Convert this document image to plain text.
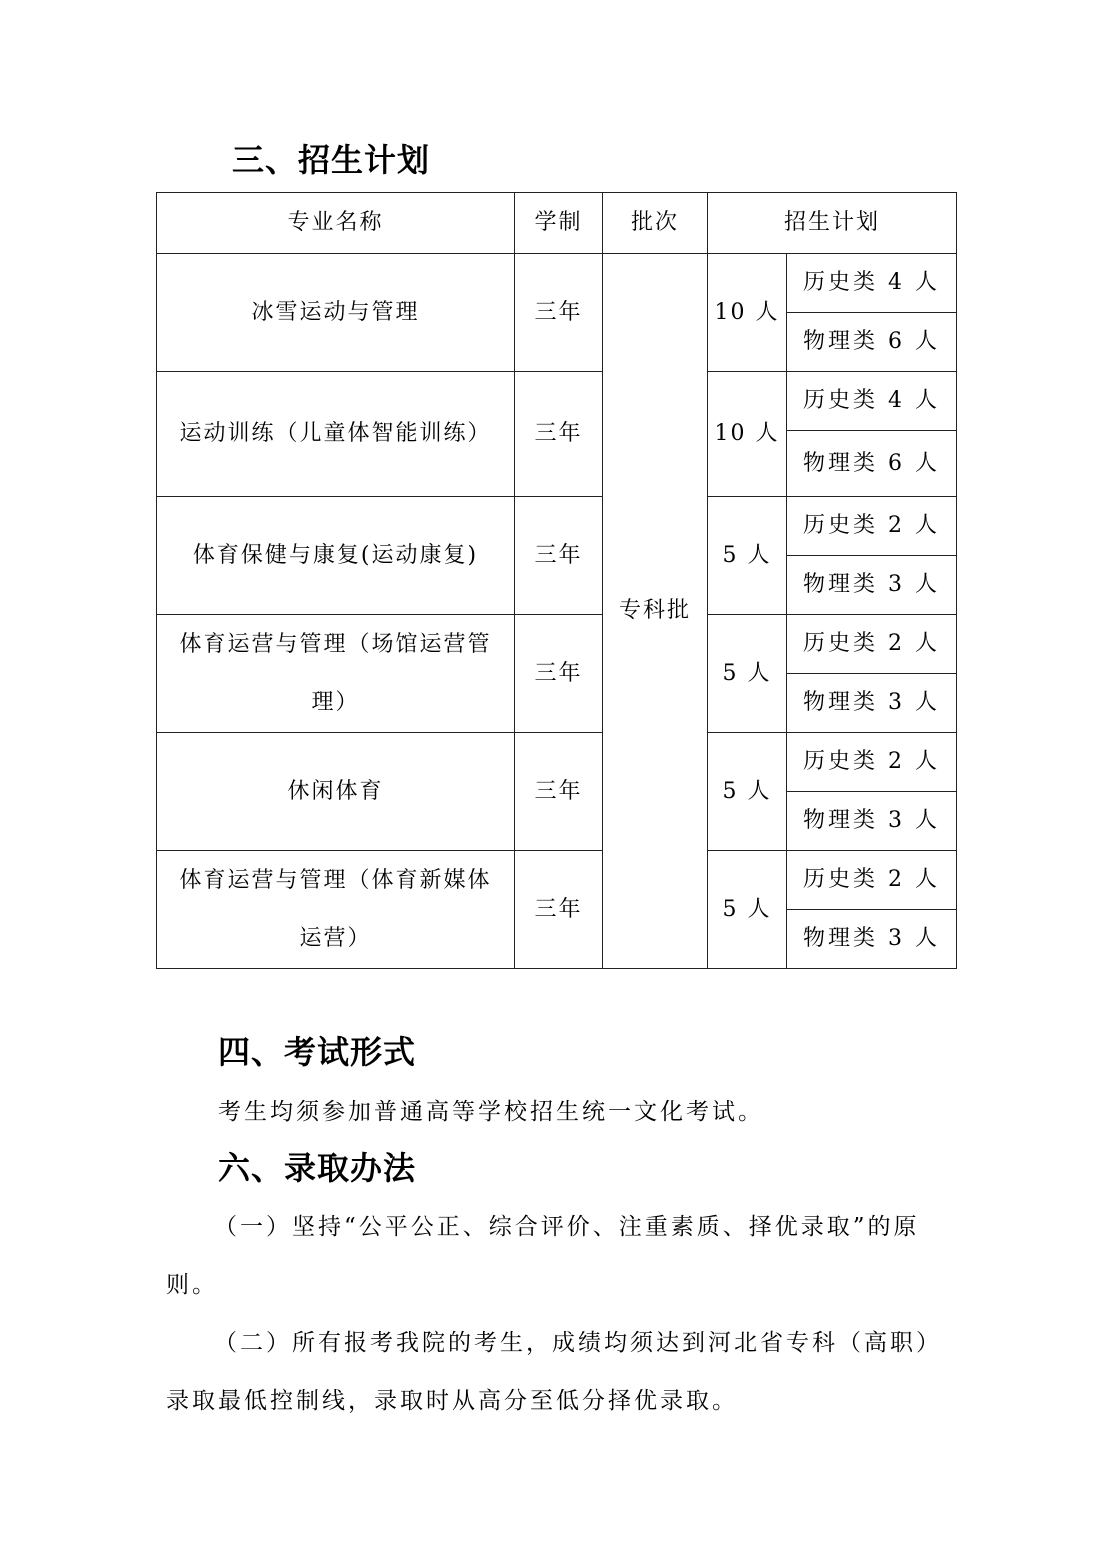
三、招生计划
专业名称	学制	批次	招生计划	
冰雪运动与管理	三年	专科批	10 人	历史类 4 人
				物理类 6 人
运动训练（儿童体智能训练）	三年		10 人	历史类 4 人
				物理类 6 人
体育保健与康复(运动康复)	三年		5 人	历史类 2 人
				物理类 3 人

体育运营与管理（场馆运营管
理）	三年		5 人	历史类 2 人
				物理类 3 人
休闲体育	三年		5 人	历史类 2 人
				物理类 3 人

体育运营与管理（体育新媒体
运营）	三年		5 人	历史类 2 人
				物理类 3 人
四、考试形式
考生均须参加普通高等学校招生统一文化考试。
六、录取办法
（一）坚持“公平公正、综合评价、注重素质、择优录取”的原
则。
（二）所有报考我院的考生，成绩均须达到河北省专科（高职）
录取最低控制线，录取时从高分至低分择优录取。
